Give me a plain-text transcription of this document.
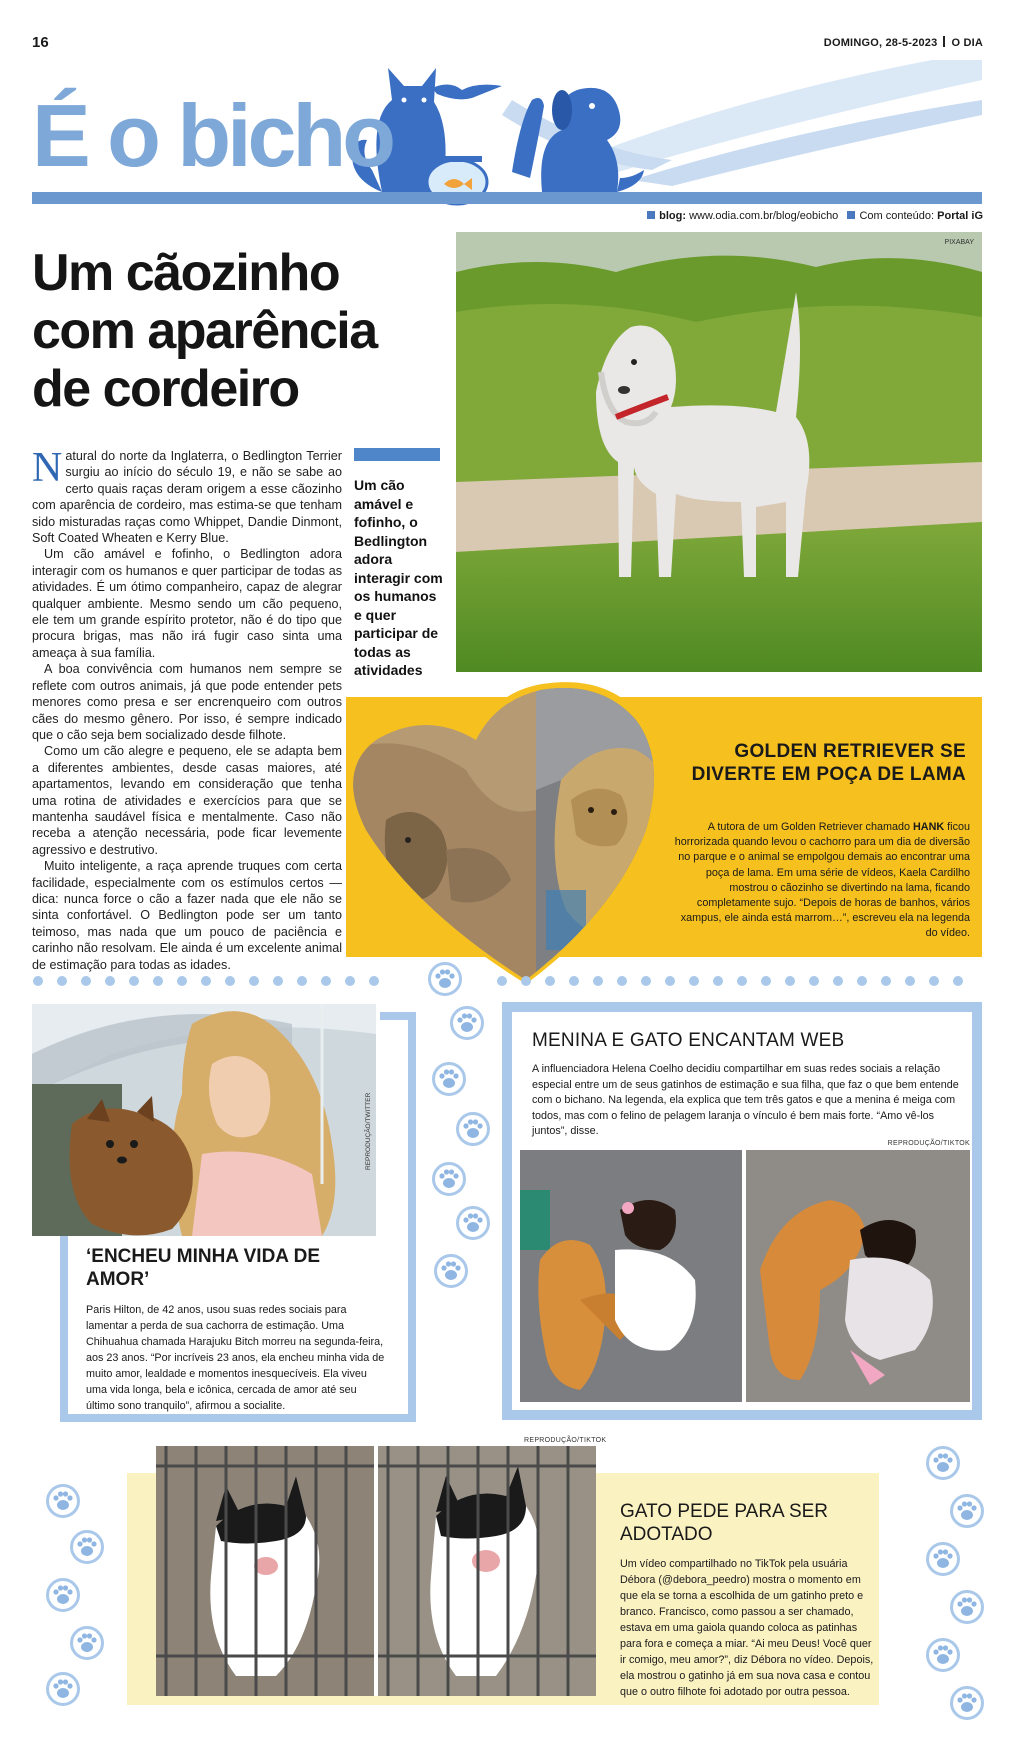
16	DOMINGO, 28-5-2023 O DIA
É o bicho
blog: www.odia.com.br/blog/eobicho Com conteúdo: Portal iG
Um cãozinho com aparência de cordeiro

Natural do norte da Inglaterra, o Bedlington Terrier surgiu ao início do século 19, e não se sabe ao certo quais raças deram origem a esse cãozinho com aparência de cordeiro, mas estima-se que tenham sido misturadas raças como Whippet, Dandie Dinmont, Soft Coated Wheaten e Kerry Blue.

Um cão amável e fofinho, o Bedlington adora interagir com os humanos e quer participar de todas as atividades. É um ótimo companheiro, capaz de alegrar qualquer ambiente. Mesmo sendo um cão pequeno, ele tem um grande espírito protetor, não é do tipo que procura brigas, mas não irá fugir caso sinta uma ameaça à sua família.

A boa convivência com humanos nem sempre se reflete com outros animais, já que pode entender pets menores como presa e ser encrenqueiro com outros cães do mesmo gênero. Por isso, é sempre indicado que o cão seja bem socializado desde filhote.

Como um cão alegre e pequeno, ele se adapta bem a diferentes ambientes, desde casas maiores, até apartamentos, levando em consideração que tenha uma rotina de atividades e exercícios para que se mantenha saudável física e mentalmente. Caso não receba a atenção necessária, pode ficar levemente agressivo e destrutivo.

Muito inteligente, a raça aprende truques com certa facilidade, especialmente com os estímulos certos — dica: nunca force o cão a fazer nada que ele não se sinta confortável. O Bedlington pode ser um tanto teimoso, mas nada que um pouco de paciência e carinho não resolvam. Ele ainda é um excelente animal de estimação para todas as idades.

Um cão amável e fofinho, o Bedlington adora interagir com os humanos e quer participar de todas as atividades
PIXABAY
GOLDEN RETRIEVER SE DIVERTE EM POÇA DE LAMA
A tutora de um Golden Retriever chamado HANK ficou horrorizada quando levou o cachorro para um dia de diversão no parque e o animal se empolgou demais ao encontrar uma poça de lama. Em uma série de vídeos, Kaela Cardilho mostrou o cãozinho se divertindo na lama, ficando completamente sujo. “Depois de horas de banhos, vários xampus, ele ainda está marrom…”, escreveu ela na legenda do vídeo.
REPRODUÇÃO/TWITTER
‘ENCHEU MINHA VIDA DE AMOR’
Paris Hilton, de 42 anos, usou suas redes sociais para lamentar a perda de sua cachorra de estimação. Uma Chihuahua chamada Harajuku Bitch morreu na segunda-feira, aos 23 anos. “Por incríveis 23 anos, ela encheu minha vida de muito amor, lealdade e momentos inesquecíveis. Ela viveu uma vida longa, bela e icônica, cercada de amor até seu último sono tranquilo”, afirmou a socialite.
MENINA E GATO ENCANTAM WEB
A influenciadora Helena Coelho decidiu compartilhar em suas redes sociais a relação especial entre um de seus gatinhos de estimação e sua filha, que faz o que bem entende com o bichano. Na legenda, ela explica que tem três gatos e que a menina é meiga com todos, mas com o felino de pelagem laranja o vínculo é bem mais forte. “Amo vê-los juntos”, disse.
REPRODUÇÃO/TIKTOK
REPRODUÇÃO/TIKTOK
GATO PEDE PARA SER ADOTADO
Um vídeo compartilhado no TikTok pela usuária Débora (@debora_peedro) mostra o momento em que ela se torna a escolhida de um gatinho preto e branco. Francisco, como passou a ser chamado, estava em uma gaiola quando coloca as patinhas para fora e começa a miar. “Ai meu Deus! Você quer ir comigo, meu amor?”, diz Débora no vídeo. Depois, ela mostrou o gatinho já em sua nova casa e contou que o outro filhote foi adotado por outra pessoa.
